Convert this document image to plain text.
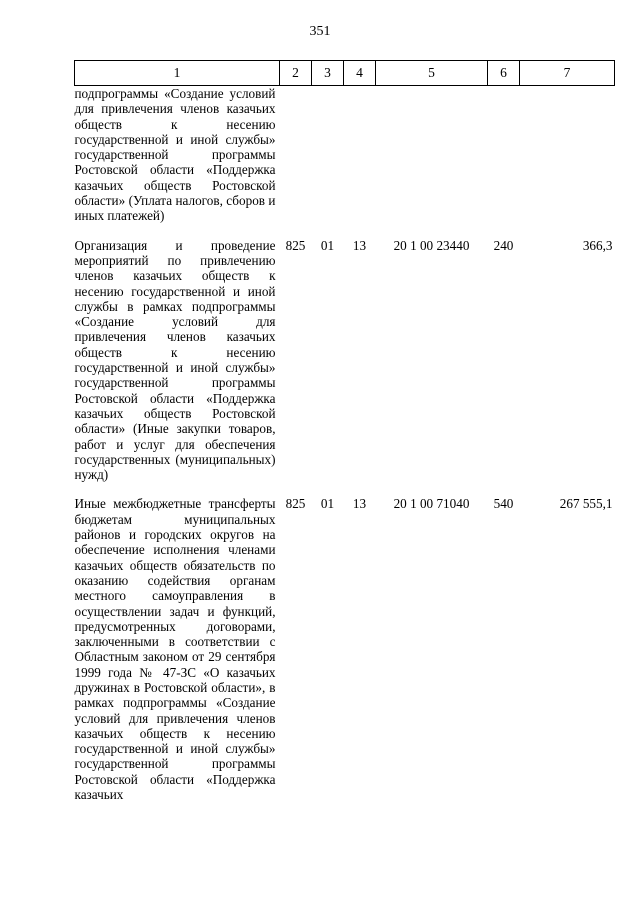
351
1	2	3	4	5	6	7
подпрограммы «Создание условий для привлечения членов казачьих обществ к несению государственной и иной службы» государственной программы Ростовской области «Поддержка казачьих обществ Ростовской области» (Уплата налогов, сборов и иных платежей)						

Организация и проведение мероприятий по привлечению членов казачьих обществ к несению государственной и иной службы в рамках подпрограммы «Создание условий для привлечения членов казачьих обществ к несению государственной и иной службы» государственной программы Ростовской области «Поддержка казачьих обществ Ростовской области» (Иные закупки товаров, работ и услуг для обеспечения государственных (муниципальных) нужд)	825	01	13	20 1 00 23440	240	366,3

Иные межбюджетные трансферты бюджетам муниципальных районов и городских округов на обеспечение исполнения членами казачьих обществ обязательств по оказанию содействия органам местного самоуправления в осуществлении задач и функций, предусмотренных договорами, заключенными в соответствии с Областным законом от 29 сентября 1999 года № 47-ЗС «О казачьих дружинах в Ростовской области», в рамках подпрограммы «Создание условий для привлечения членов казачьих обществ к несению государственной и иной службы» государственной программы Ростовской области «Поддержка казачьих	825	01	13	20 1 00 71040	540	267 555,1
